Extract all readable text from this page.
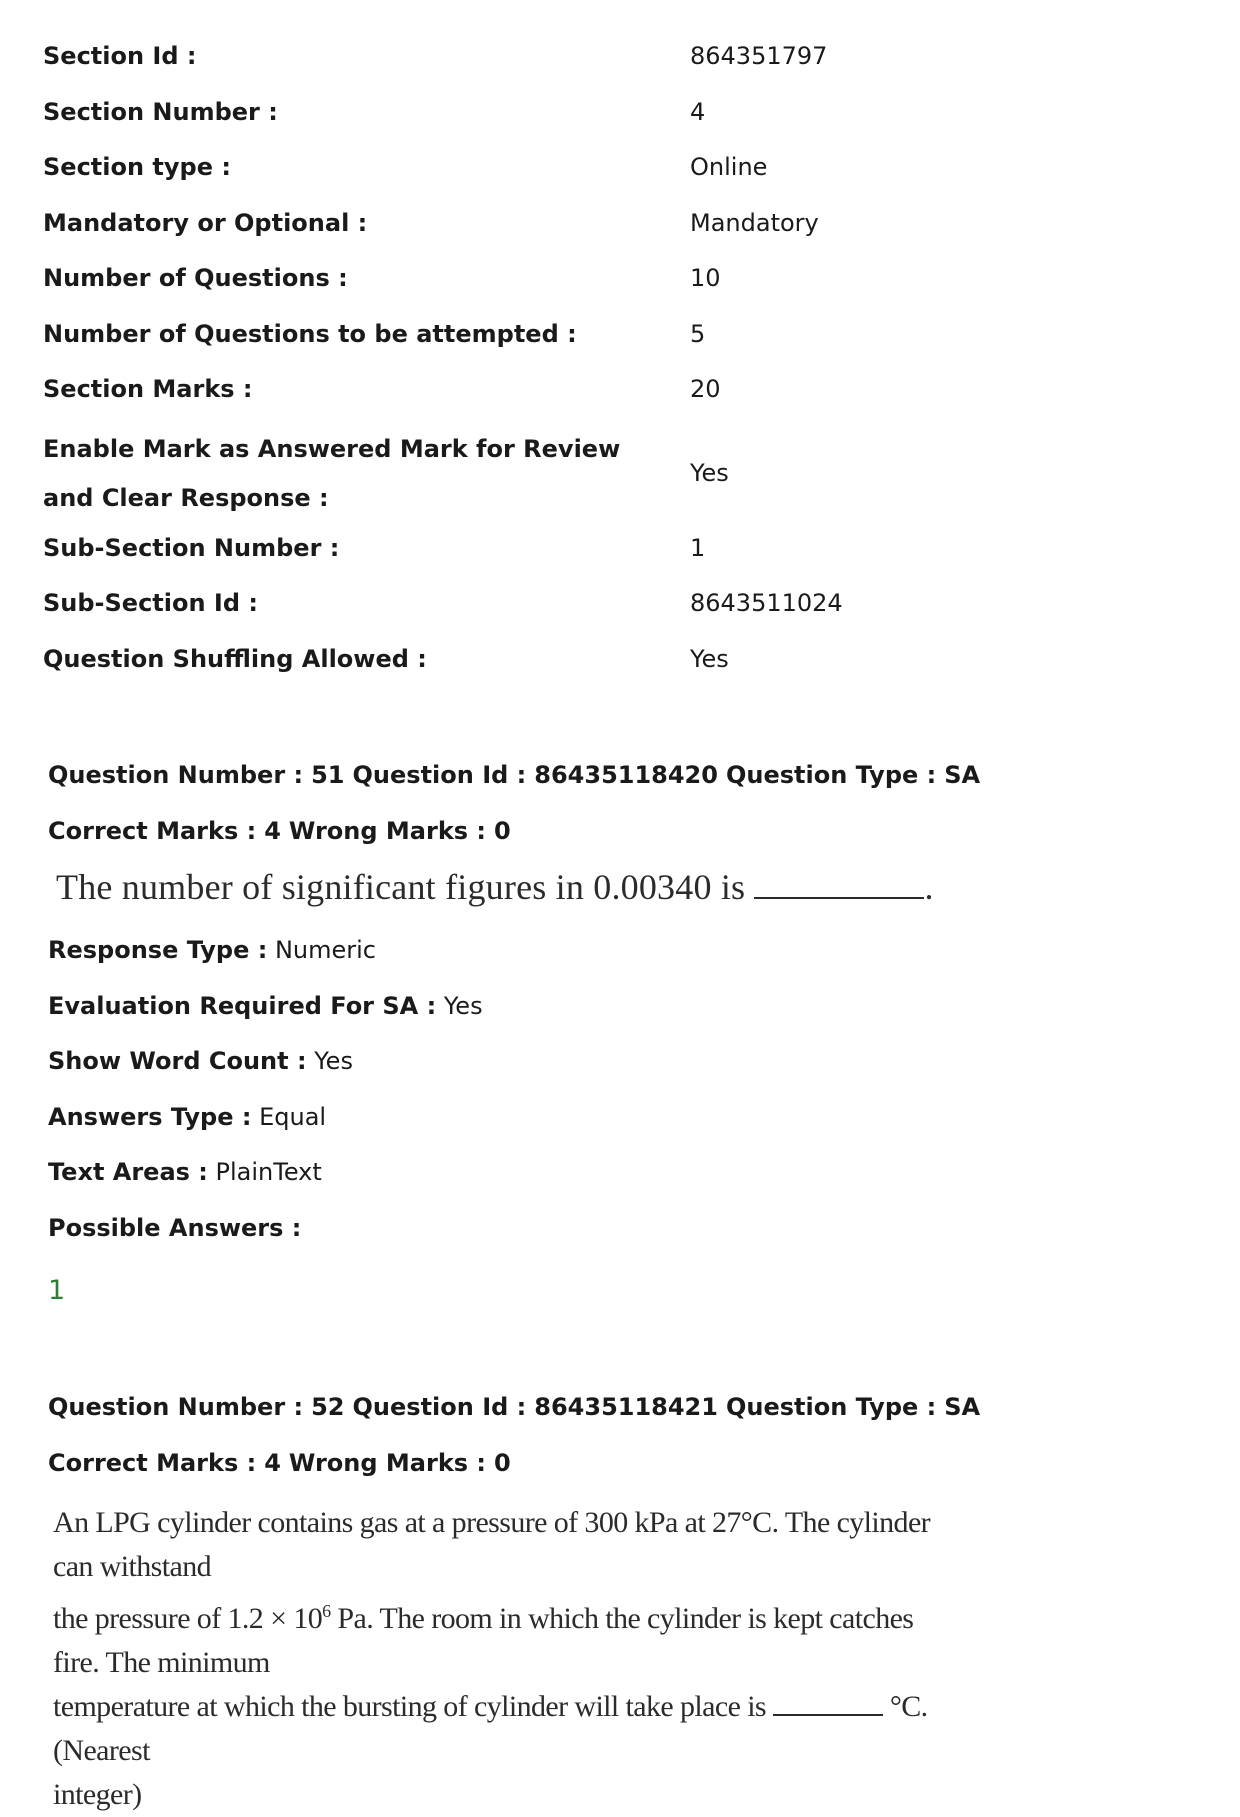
Section Id :	864351797
Section Number :	4
Section type :	Online
Mandatory or Optional :	Mandatory
Number of Questions :	10
Number of Questions to be attempted :	5
Section Marks :	20
Enable Mark as Answered Mark for Review and Clear Response :
Yes
Sub-Section Number :	1
Sub-Section Id :	8643511024
Question Shuffling Allowed :	Yes
Question Number : 51 Question Id : 86435118420 Question Type : SA
Correct Marks : 4 Wrong Marks : 0
The number of significant figures in 0.00340 is	.
Response Type : Numeric
Evaluation Required For SA : Yes
Show Word Count : Yes
Answers Type : Equal
Text Areas : PlainText
Possible Answers :
1
Question Number : 52 Question Id : 86435118421 Question Type : SA
Correct Marks : 4 Wrong Marks : 0
An LPG cylinder contains gas at a pressure of 300 kPa at 27°C. The cylinder can withstand
the pressure of $1.2 \times 10^6$ Pa. The room in which the cylinder is kept catches fire. The minimum
temperature at which the bursting of cylinder will take place is	°C. (Nearest
integer)
